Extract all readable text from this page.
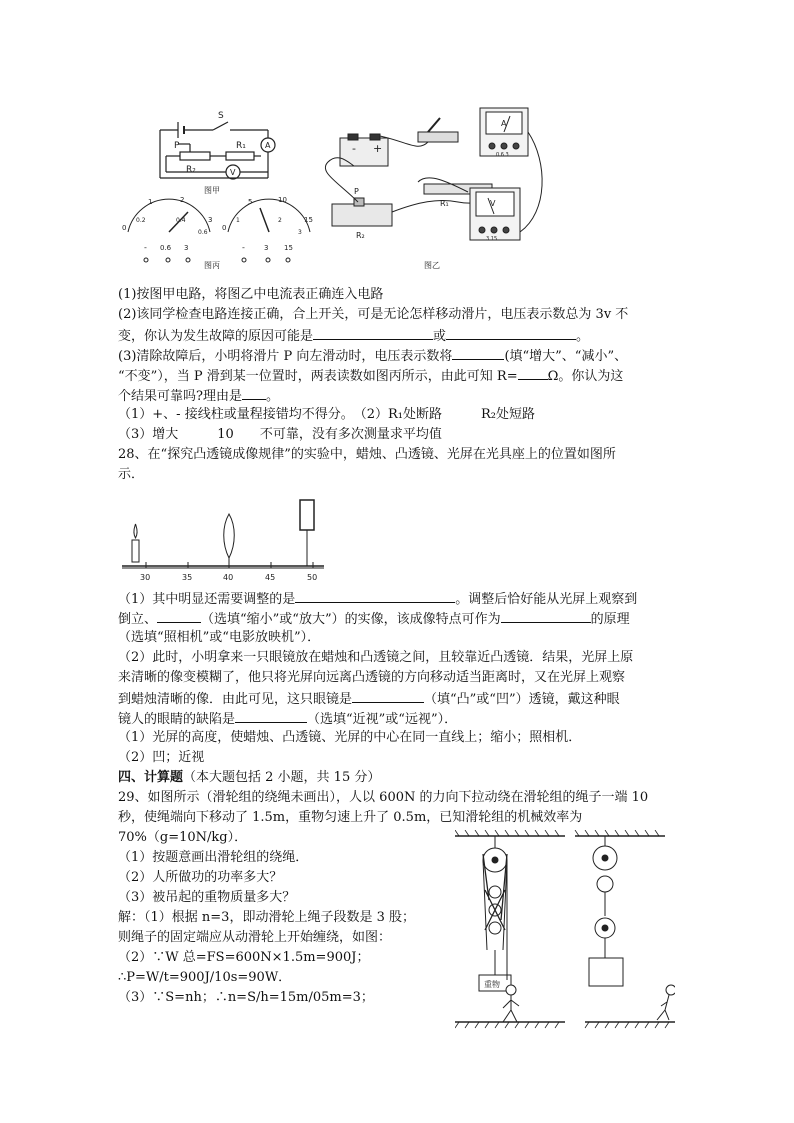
S
P	R₁
R₂
A
V
图甲
0
0.2	0.4
0.6
1	2
3
- 0.6 3
0
1	2
3
5	10
15
-	3 15
图丙
- +
A
0.6 3
P
R₁
R₂
V
3 15
图乙
(1)按图甲电路，将图乙中电流表正确连入电路
(2)该同学检查电路连接正确，合上开关，可是无论怎样移动滑片，电压表示数总为 3v 不
变，你认为发生故障的原因可能是	或	。
(3)清除故障后，小明将滑片 P 向左滑动时，电压表示数将	(填“增大”、“减小”、
“不变”），当 P 滑到某一位置时，两表读数如图丙所示，由此可知 R= Ω。你认为这
个结果可靠吗?理由是 。
（1）+、- 接线柱或量程接错均不得分。　（2）R₁处断路　　　R₂处短路
（3）增大　　　10　　不可靠，没有多次测量求平均值
28、在“探究凸透镜成像规律”的实验中，蜡烛、凸透镜、光屏在光具座上的位置如图所
示．
30	35	40	45	50
（1）其中明显还需要调整的是	。调整后恰好能从光屏上观察到
倒立、	（选填“缩小”或“放大”）的实像，该成像特点可作为	的原理
（选填“照相机”或“电影放映机”）．
（2）此时，小明拿来一只眼镜放在蜡烛和凸透镜之间，且较靠近凸透镜．结果，光屏上原
来清晰的像变模糊了，他只将光屏向远离凸透镜的方向移动适当距离时，又在光屏上观察
到蜡烛清晰的像．由此可见，这只眼镜是	（填“凸”或“凹”）透镜，戴这种眼
镜人的眼睛的缺陷是	（选填“近视”或“远视”）．
（1）光屏的高度，使蜡烛、凸透镜、光屏的中心在同一直线上；缩小；照相机．
（2）凹；近视
四、计算题（本大题包括 2 小题，共 15 分）
29、如图所示（滑轮组的绕绳未画出），人以 600N 的力向下拉动绕在滑轮组的绳子一端 10
秒，使绳端向下移动了 1.5m，重物匀速上升了 0.5m，已知滑轮组的机械效率为
70%（g=10N/kg）．
（1）按题意画出滑轮组的绕绳．
（2）人所做功的功率多大？
（3）被吊起的重物质量多大？
解：（1）根据 n=3，即动滑轮上绳子段数是 3 股；
则绳子的固定端应从动滑轮上开始缠绕，如图：
（2）∵W 总=FS=600N×1.5m=900J；
∴P=W/t=900J/10s=90W．
（3）∵S=nh；∴n=S/h=15m/05m=3；
重物
